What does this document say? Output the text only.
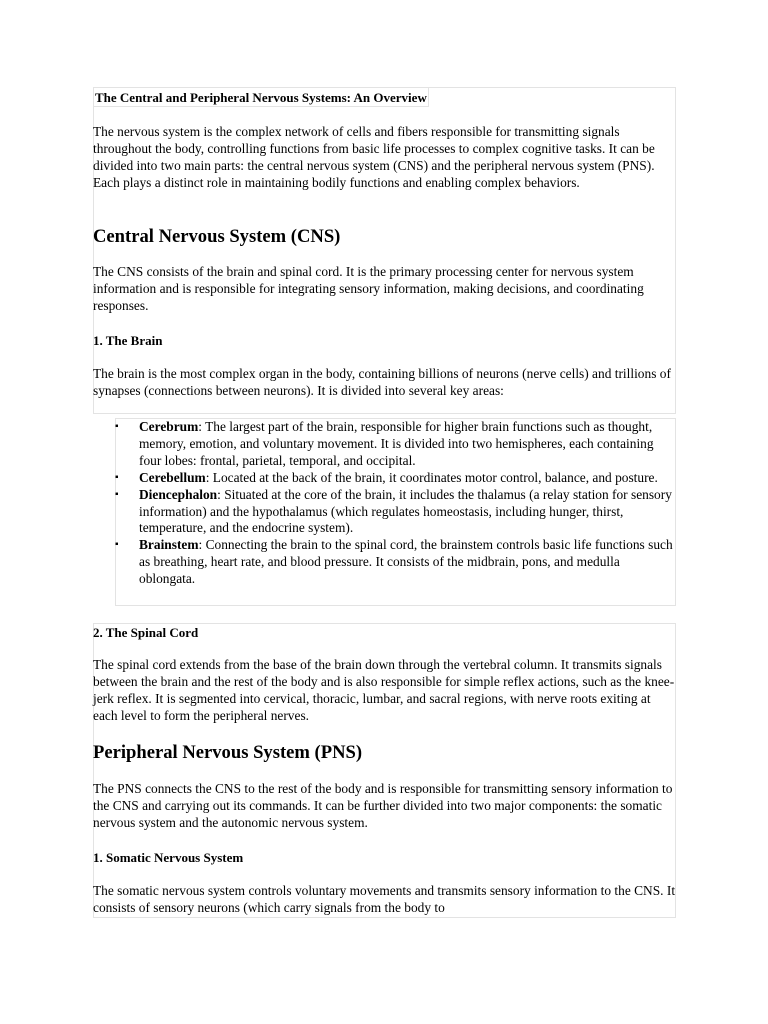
The Central and Peripheral Nervous Systems: An Overview

The nervous system is the complex network of cells and fibers responsible for transmitting signals throughout the body, controlling functions from basic life processes to complex cognitive tasks. It can be divided into two main parts: the central nervous system (CNS) and the peripheral nervous system (PNS). Each plays a distinct role in maintaining bodily functions and enabling complex behaviors.

Central Nervous System (CNS)

The CNS consists of the brain and spinal cord. It is the primary processing center for nervous system information and is responsible for integrating sensory information, making decisions, and coordinating responses.

1. The Brain

The brain is the most complex organ in the body, containing billions of neurons (nerve cells) and trillions of synapses (connections between neurons). It is divided into several key areas:

▪ Cerebrum: The largest part of the brain, responsible for higher brain functions such as thought, memory, emotion, and voluntary movement. It is divided into two hemispheres, each containing four lobes: frontal, parietal, temporal, and occipital.
▪ Cerebellum: Located at the back of the brain, it coordinates motor control, balance, and posture.
▪ Diencephalon: Situated at the core of the brain, it includes the thalamus (a relay station for sensory information) and the hypothalamus (which regulates homeostasis, including hunger, thirst, temperature, and the endocrine system).
▪ Brainstem: Connecting the brain to the spinal cord, the brainstem controls basic life functions such as breathing, heart rate, and blood pressure. It consists of the midbrain, pons, and medulla oblongata.
2. The Spinal Cord

The spinal cord extends from the base of the brain down through the vertebral column. It transmits signals between the brain and the rest of the body and is also responsible for simple reflex actions, such as the knee-jerk reflex. It is segmented into cervical, thoracic, lumbar, and sacral regions, with nerve roots exiting at each level to form the peripheral nerves.

Peripheral Nervous System (PNS)

The PNS connects the CNS to the rest of the body and is responsible for transmitting sensory information to the CNS and carrying out its commands. It can be further divided into two major components: the somatic nervous system and the autonomic nervous system.

1. Somatic Nervous System

The somatic nervous system controls voluntary movements and transmits sensory information to the CNS. It consists of sensory neurons (which carry signals from the body to
